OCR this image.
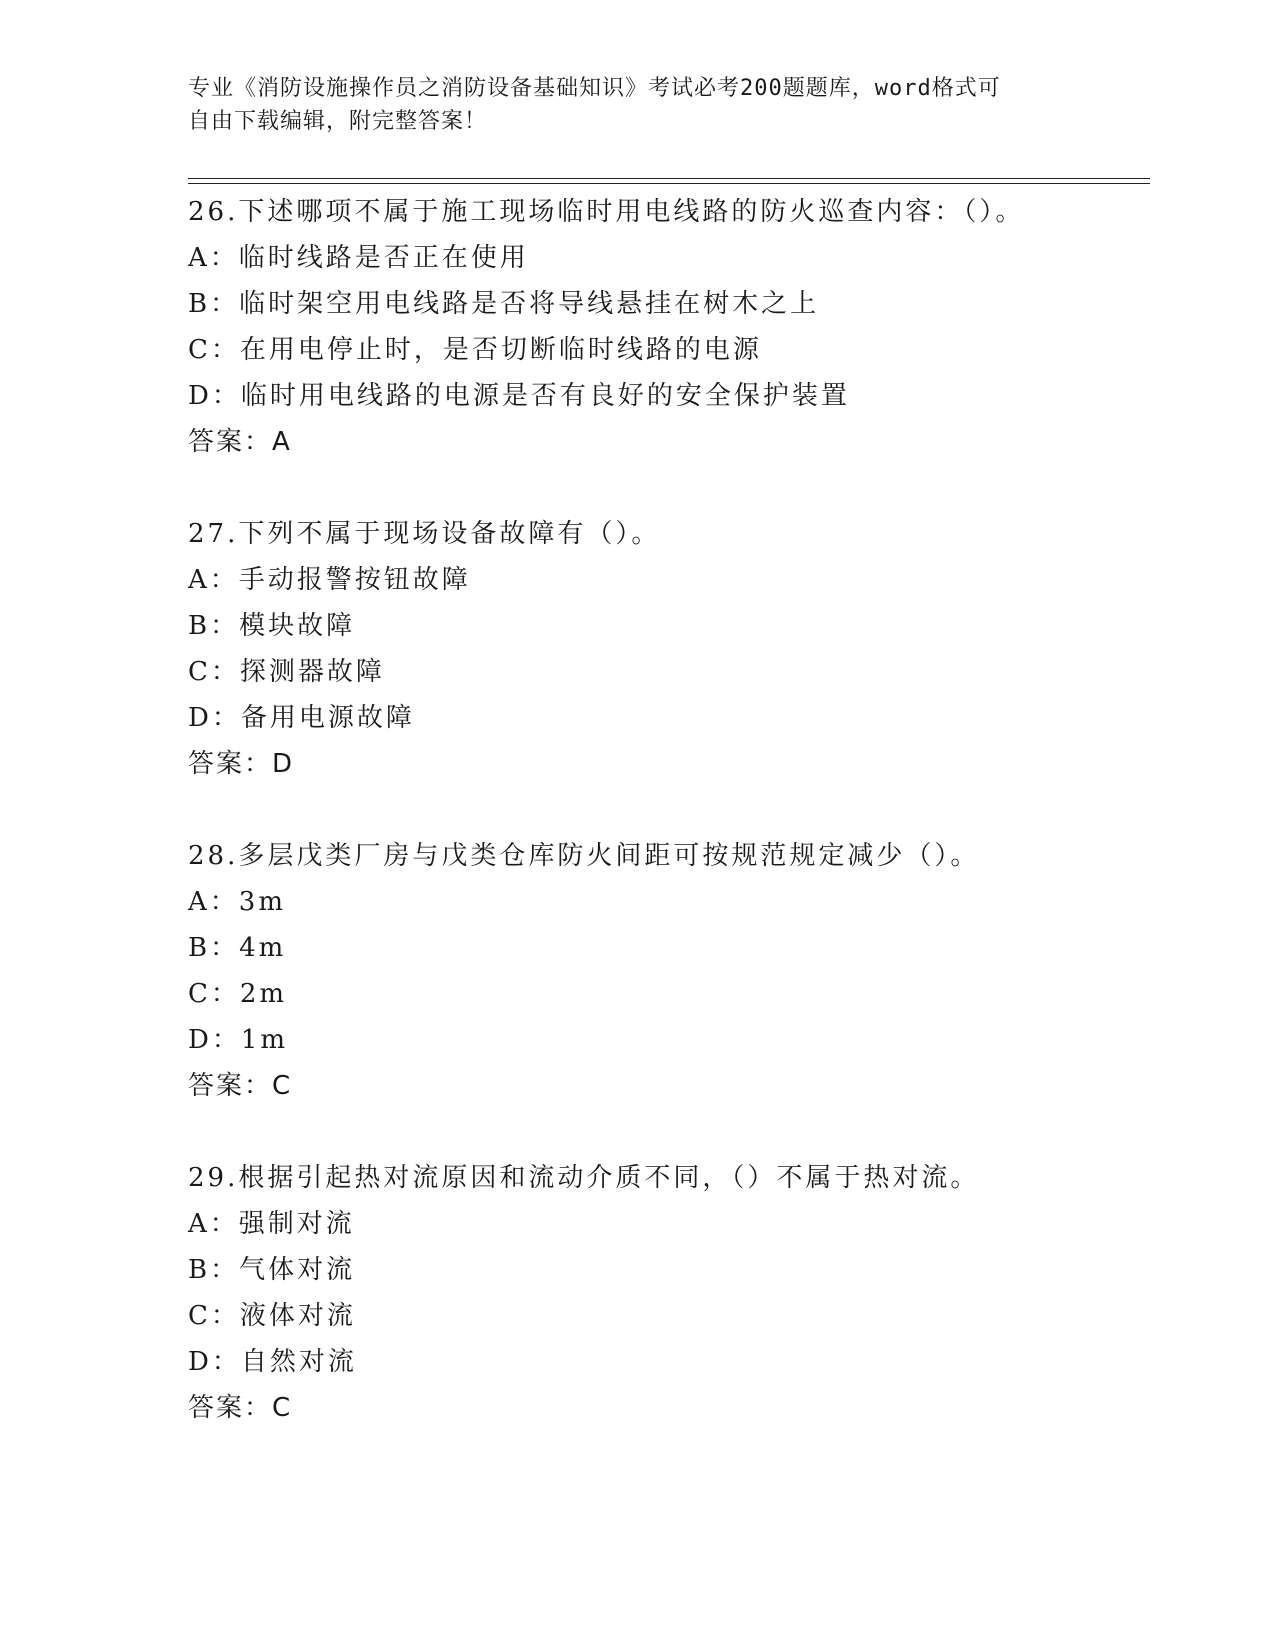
专业《消防设施操作员之消防设备基础知识》考试必考200题题库，word格式可
自由下载编辑，附完整答案！
26.下述哪项不属于施工现场临时用电线路的防火巡查内容：（）。
A：临时线路是否正在使用
B：临时架空用电线路是否将导线悬挂在树木之上
C：在用电停止时，是否切断临时线路的电源
D：临时用电线路的电源是否有良好的安全保护装置
答案：A
27.下列不属于现场设备故障有（）。
A：手动报警按钮故障
B：模块故障
C：探测器故障
D：备用电源故障
答案：D
28.多层戊类厂房与戊类仓库防火间距可按规范规定减少（）。
A：3m
B：4m
C：2m
D：1m
答案：C
29.根据引起热对流原因和流动介质不同，（）不属于热对流。
A：强制对流
B：气体对流
C：液体对流
D：自然对流
答案：C
